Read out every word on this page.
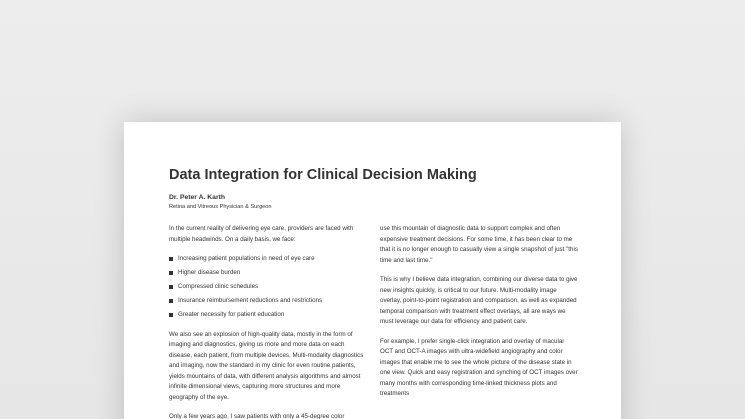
Data Integration for Clinical Decision Making
Dr. Peter A. Karth
Retina and Vitreous Physician & Surgeon

In the current reality of delivering eye care, providers are faced with multiple headwinds. On a daily basis, we face:

Increasing patient populations in need of eye care
Higher disease burden
Compressed clinic schedules
Insurance reimbursement reductions and restrictions
Greater necessity for patient education

We also see an explosion of high-quality data, mostly in the form of imaging and diagnostics, giving us more and more data on each disease, each patient, from multiple devices. Multi-modality diagnostics and imaging, now the standard in my clinic for even routine patients, yields mountains of data, with different analysis algorithms and almost infinite dimensional views, capturing more structures and more geography of the eye.

Only a few years ago, I saw patients with only a 45-degree color

use this mountain of diagnostic data to support complex and often expensive treatment decisions. For some time, it has been clear to me that it is no longer enough to casually view a single snapshot of just "this time and last time."

This is why I believe data integration, combining our diverse data to give new insights quickly, is critical to our future. Multi-modality image overlay, point-to-point registration and comparison, as well as expanded temporal comparison with treatment effect overlays, all are ways we must leverage our data for efficiency and patient care.

For example, I prefer single-click integration and overlay of macular OCT and OCT-A images with ultra-widefield angiography and color images that enable me to see the whole picture of the disease state in one view. Quick and easy registration and synching of OCT images over many months with corresponding time-linked thickness plots and treatments
